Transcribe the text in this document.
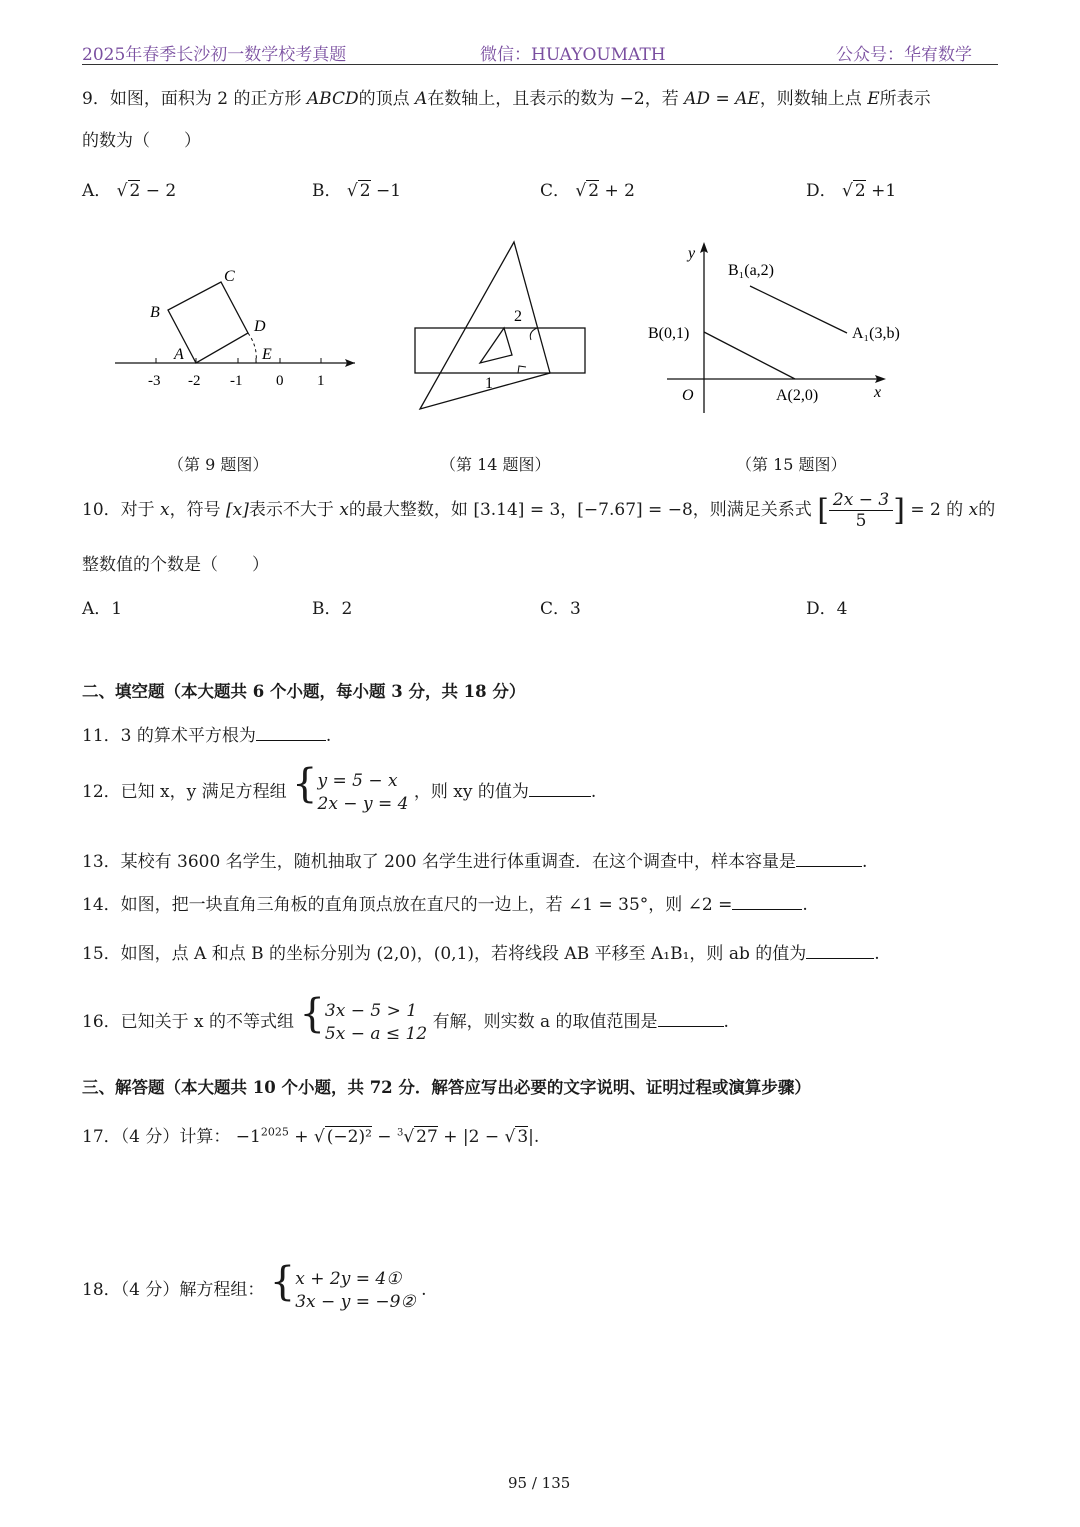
2025年春季长沙初一数学校考真题	微信：HUAYOUMATH	公众号：华宥数学
9．如图，面积为 2 的正方形 ABCD的顶点 A在数轴上，且表示的数为 −2，若 AD = AE，则数轴上点 E所表示
的数为（　　）
A． √ 2 − 2	B． √ 2 −1	C． √ 2 + 2	D． √ 2 +1
B
C
D
A	E
-3 -2 -1 0 1
（第 9 题图）
2
1
（第 14 题图）
y
x
O
B₁(a,2)
A₁(3,b)
B(0,1)
A(2,0)
（第 15 题图）
10．对于 x，符号 [x]表示不大于 x的最大整数，如 [3.14] = 3，[−7.67] = −8，则满足关系式 [ $\frac{2x - 3}{5}$ ] = 2 的 x的
整数值的个数是（　　）
A．1	B．2	C．3	D．4
二、填空题（本大题共 6 个小题，每小题 3 分，共 18 分）
11．3 的算术平方根为	.
12．已知 x，y 满足方程组 { y = 5 − x
2x − y = 4
，则 xy 的值为	.
13．某校有 3600 名学生，随机抽取了 200 名学生进行体重调查．在这个调查中，样本容量是	.
14．如图，把一块直角三角板的直角顶点放在直尺的一边上，若 ∠1 = 35°，则 ∠2 =	.
15．如图，点 A 和点 B 的坐标分别为 (2,0)，(0,1)，若将线段 AB 平移至 A₁B₁，则 ab 的值为	.
16．已知关于 x 的不等式组 { 3x − 5 > 1
5x − a ≤ 12
有解，则实数 a 的取值范围是	.
三、解答题（本大题共 10 个小题，共 72 分．解答应写出必要的文字说明、证明过程或演算步骤）
17．（4 分）计算： $-1^{2025}$ + √ (−2)² − $^3$√ 27 + |2 − √ 3|.
18．（4 分）解方程组： { x + 2y = 4①
3x − y = −9②
.
95 / 135
